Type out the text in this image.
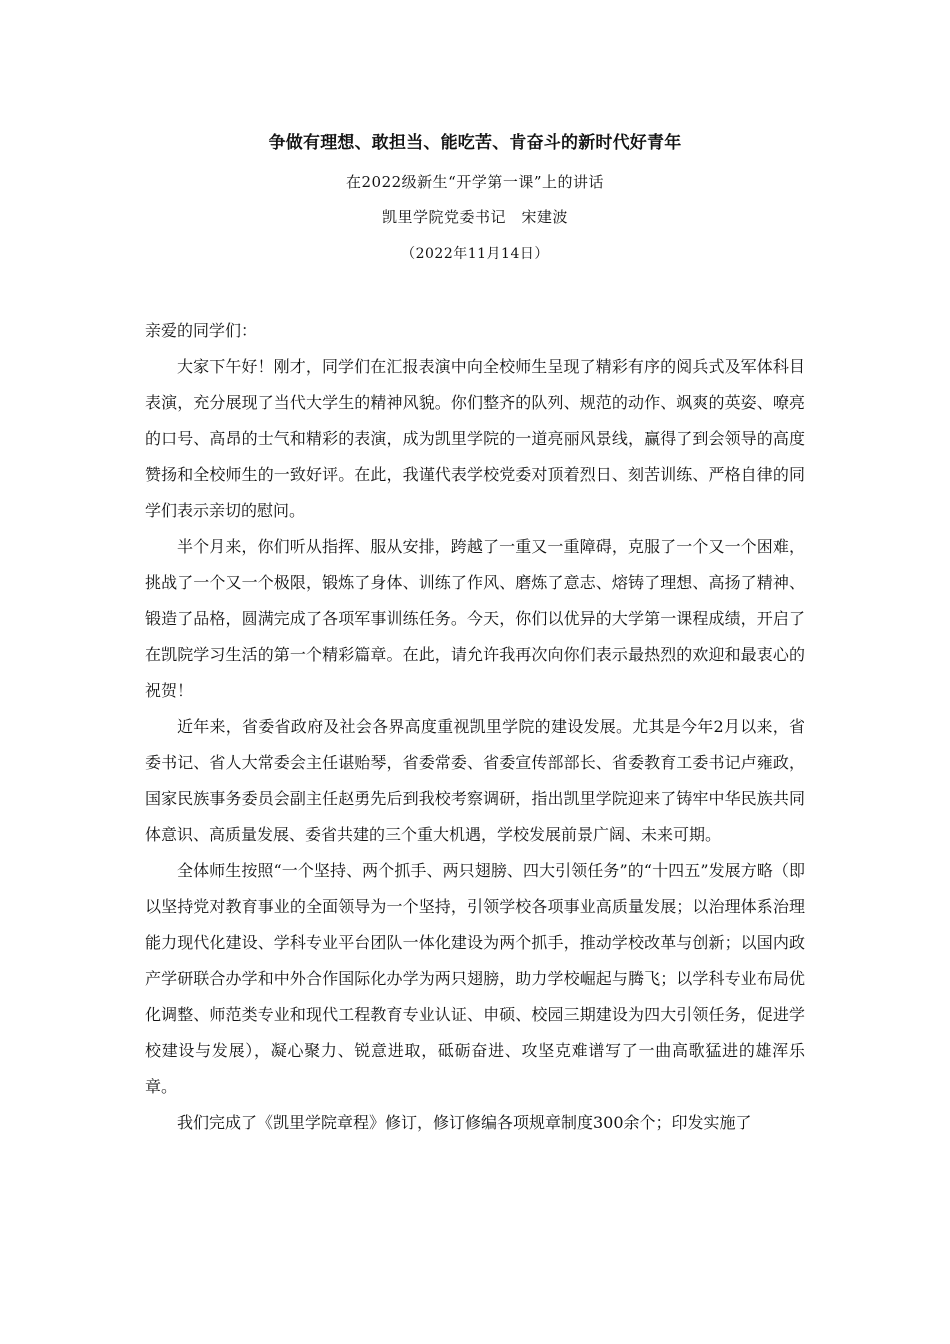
争做有理想、敢担当、能吃苦、肯奋斗的新时代好青年
在2022级新生“开学第一课”上的讲话
凯里学院党委书记　宋建波
（2022年11月14日）

亲爱的同学们：

大家下午好！刚才，同学们在汇报表演中向全校师生呈现了精彩有序的阅兵式及军体科目表演，充分展现了当代大学生的精神风貌。你们整齐的队列、规范的动作、飒爽的英姿、嘹亮的口号、高昂的士气和精彩的表演，成为凯里学院的一道亮丽风景线，赢得了到会领导的高度赞扬和全校师生的一致好评。在此，我谨代表学校党委对顶着烈日、刻苦训练、严格自律的同学们表示亲切的慰问。

半个月来，你们听从指挥、服从安排，跨越了一重又一重障碍，克服了一个又一个困难，挑战了一个又一个极限，锻炼了身体、训练了作风、磨炼了意志、熔铸了理想、高扬了精神、锻造了品格，圆满完成了各项军事训练任务。今天，你们以优异的大学第一课程成绩，开启了在凯院学习生活的第一个精彩篇章。在此，请允许我再次向你们表示最热烈的欢迎和最衷心的祝贺！

近年来，省委省政府及社会各界高度重视凯里学院的建设发展。尤其是今年2月以来，省委书记、省人大常委会主任谌贻琴，省委常委、省委宣传部部长、省委教育工委书记卢雍政，国家民族事务委员会副主任赵勇先后到我校考察调研，指出凯里学院迎来了铸牢中华民族共同体意识、高质量发展、委省共建的三个重大机遇，学校发展前景广阔、未来可期。

全体师生按照“一个坚持、两个抓手、两只翅膀、四大引领任务”的“十四五”发展方略（即以坚持党对教育事业的全面领导为一个坚持，引领学校各项事业高质量发展；以治理体系治理能力现代化建设、学科专业平台团队一体化建设为两个抓手，推动学校改革与创新；以国内政产学研联合办学和中外合作国际化办学为两只翅膀，助力学校崛起与腾飞；以学科专业布局优化调整、师范类专业和现代工程教育专业认证、申硕、校园三期建设为四大引领任务，促进学校建设与发展），凝心聚力、锐意进取，砥砺奋进、攻坚克难谱写了一曲高歌猛进的雄浑乐章。

我们完成了《凯里学院章程》修订，修订修编各项规章制度300余个；印发实施了
